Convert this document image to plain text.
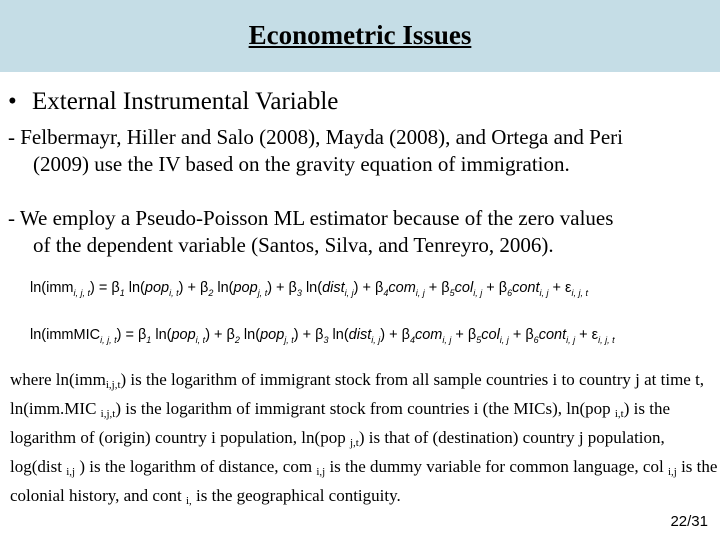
Econometric Issues
• External Instrumental Variable
- Felbermayr, Hiller and Salo (2008), Mayda (2008), and Ortega and Peri
(2009) use the IV based on the gravity equation of immigration.
- We employ a Pseudo-Poisson ML estimator because of the zero values
of the dependent variable (Santos, Silva, and Tenreyro, 2006).
$\ln(imm_{i, j, t}) = \beta_1$ $\ln(pop_{i, t}) + \beta_2$ $\ln(pop_{j, t}) + \beta_3$ ln(dist$_{i, j}$) + $\beta_4com_{i, j} + \beta_5col_{i, j}$ + $\beta_6cont_{i, j} + \varepsilon_{i, j, t}$
ln(immMIC$_{i, j, t}$) = $\beta_1$ $\ln(pop_{i, t}) + \beta_2$ $\ln(pop_{j, t}) + \beta_3$ ln(dist$_{i, j}$) + $\beta_4com_{i, j} + \beta_5col_{i, j}$ + $\beta_6cont_{i, j} + \varepsilon_{i, j, t}$
where ln(immi,j,t) is the logarithm of immigrant stock from all sample countries i to country j at time t, ln(imm.MIC i,j,t) is the logarithm of immigrant stock from countries i (the MICs), ln(pop i,t) is the logarithm of (origin) country i population, ln(pop j,t) is that of (destination) country j population, log(dist i,j ) is the logarithm of distance, com i,j is the dummy variable for common language, col i,j is the colonial history, and cont i, is the geographical contiguity.
22/31
